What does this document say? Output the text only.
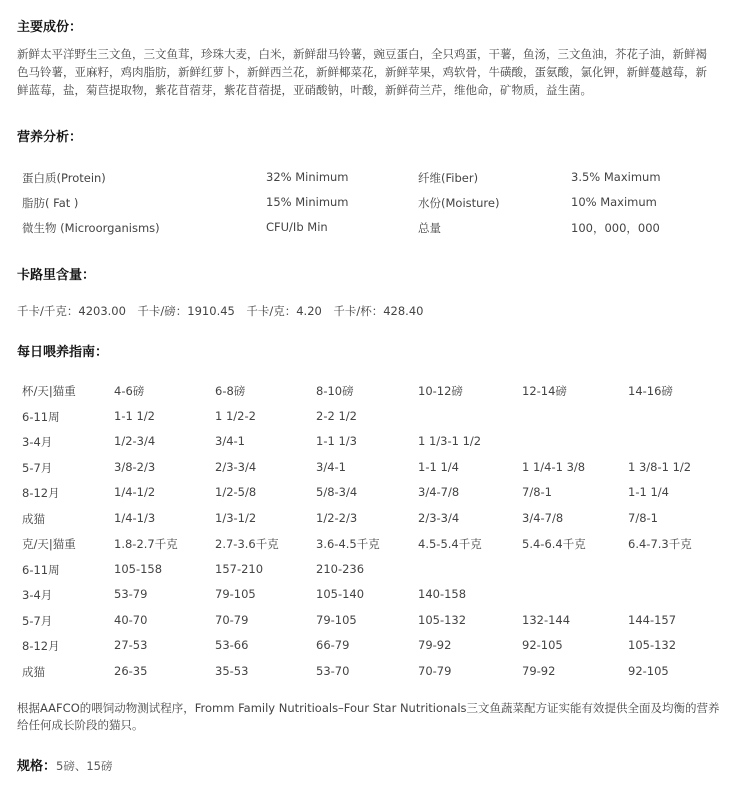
主要成份：
新鲜太平洋野生三文鱼，三文鱼茸，珍珠大麦，白米，新鲜甜马铃薯，豌豆蛋白，全只鸡蛋，干薯，鱼汤，三文鱼油，芥花子油，新鲜褐
色马铃薯，亚麻籽，鸡肉脂肪，新鲜红萝卜，新鲜西兰花，新鲜椰菜花，新鲜苹果，鸡软骨，牛磺酸，蛋氨酸，氯化钾，新鲜蔓越莓，新
鲜蓝莓，盐，菊苣提取物，紫花苜蓿芽，紫花苜蓿提，亚硝酸钠，叶酸，新鲜荷兰芹，维他命，矿物质，益生菌。
营养分析：
蛋白质(Protein)	32% Minimum	纤维(Fiber)	3.5% Maximum
脂肪( Fat )	15% Minimum	水份(Moisture)	10% Maximum
微生物 (Microorganisms)	CFU/Ib Min	总量	100，000，000
卡路里含量：
千卡/千克：4203.00　千卡/磅：1910.45　千卡/克：4.20　千卡/杯：428.40
每日喂养指南：
杯/天|猫重	4-6磅	6-8磅	8-10磅	10-12磅	12-14磅	14-16磅
6-11周	1-1 1/2	1 1/2-2	2-2 1/2
3-4月	1/2-3/4	3/4-1	1-1 1/3	1 1/3-1 1/2
5-7月	3/8-2/3	2/3-3/4	3/4-1	1-1 1/4	1 1/4-1 3/8	1 3/8-1 1/2
8-12月	1/4-1/2	1/2-5/8	5/8-3/4	3/4-7/8	7/8-1	1-1 1/4
成猫	1/4-1/3	1/3-1/2	1/2-2/3	2/3-3/4	3/4-7/8	7/8-1
克/天|猫重	1.8-2.7千克	2.7-3.6千克	3.6-4.5千克	4.5-5.4千克	5.4-6.4千克	6.4-7.3千克
6-11周	105-158	157-210	210-236
3-4月	53-79	79-105	105-140	140-158
5-7月	40-70	70-79	79-105	105-132	132-144	144-157
8-12月	27-53	53-66	66-79	79-92	92-105	105-132
成猫	26-35	35-53	53-70	70-79	79-92	92-105
根据AAFCO的喂饲动物测试程序，Fromm Family Nutritioals–Four Star Nutritionals三文鱼蔬菜配方证实能有效提供全面及均衡的营养
给任何成长阶段的猫只。
规格：5磅、15磅
